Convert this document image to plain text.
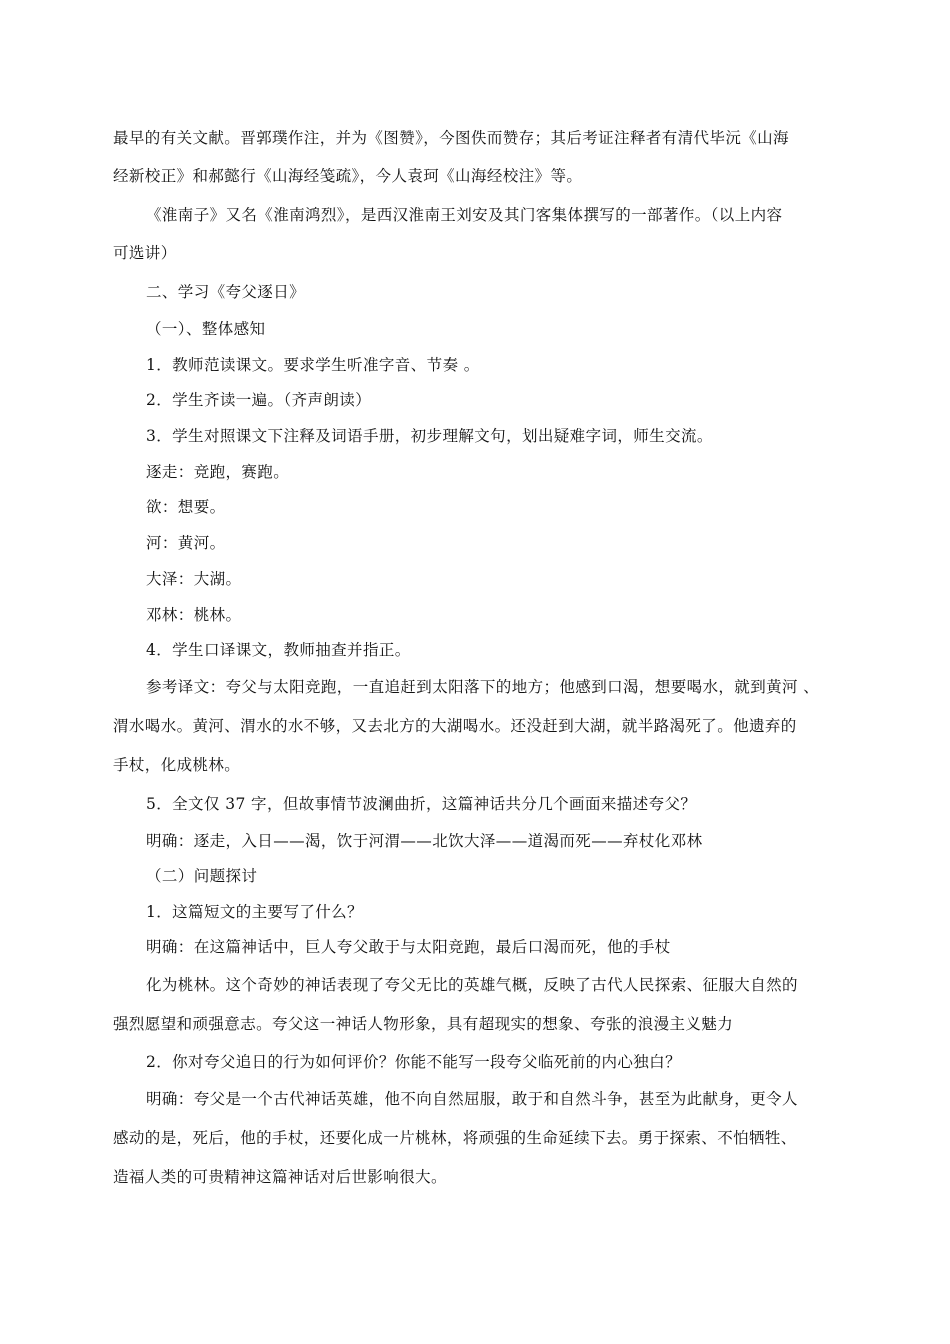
最早的有关文献。晋郭璞作注，并为《图赞》，今图佚而赞存；其后考证注释者有清代毕沅《山海
经新校正》和郝懿行《山海经笺疏》，今人袁珂《山海经校注》等。
《淮南子》又名《淮南鸿烈》，是西汉淮南王刘安及其门客集体撰写的一部著作。（以上内容
可选讲）
二、学习《夸父逐日》
（一）、整体感知
1．教师范读课文。要求学生听准字音、节奏 。
2．学生齐读一遍。（齐声朗读）
3．学生对照课文下注释及词语手册，初步理解文句，划出疑难字词，师生交流。
逐走：竞跑，赛跑。
欲：想要。
河：黄河。
大泽：大湖。
邓林：桃林。
4．学生口译课文，教师抽查并指正。
参考译文：夸父与太阳竞跑，一直追赶到太阳落下的地方；他感到口渴，想要喝水，就到黄河 、
渭水喝水。黄河、渭水的水不够，又去北方的大湖喝水。还没赶到大湖，就半路渴死了。他遗弃的
手杖，化成桃林。
5．全文仅 37 字，但故事情节波澜曲折，这篇神话共分几个画面来描述夸父？
明确：逐走，入日——渴，饮于河渭——北饮大泽——道渴而死——弃杖化邓林
（二）问题探讨
1．这篇短文的主要写了什么？
明确：在这篇神话中，巨人夸父敢于与太阳竞跑，最后口渴而死，他的手杖
化为桃林。这个奇妙的神话表现了夸父无比的英雄气概，反映了古代人民探索、征服大自然的
强烈愿望和顽强意志。夸父这一神话人物形象，具有超现实的想象、夸张的浪漫主义魅力
2．你对夸父追日的行为如何评价？你能不能写一段夸父临死前的内心独白？
明确：夸父是一个古代神话英雄，他不向自然屈服，敢于和自然斗争，甚至为此献身，更令人
感动的是，死后，他的手杖，还要化成一片桃林，将顽强的生命延续下去。勇于探索、不怕牺牲、
造福人类的可贵精神这篇神话对后世影响很大。
